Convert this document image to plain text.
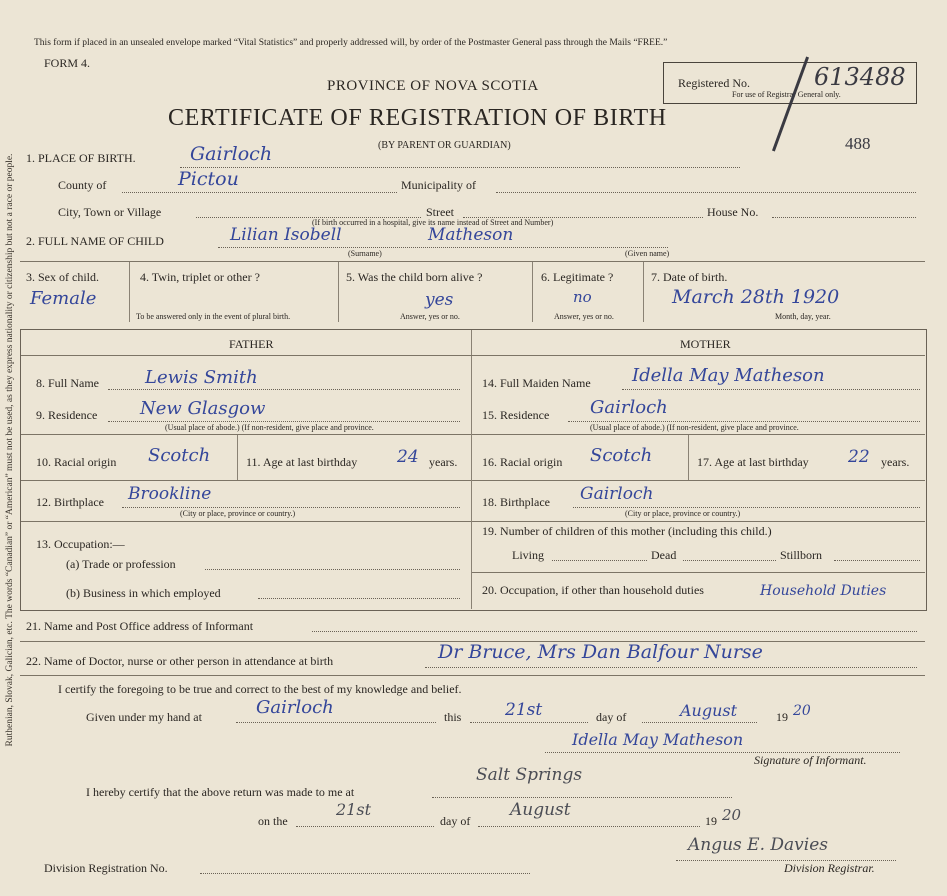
Ruthenian, Slovak, Galician, etc. The words “Canadian” or “American” must not be used, as they express nationality or citizenship but not a race or people.
This form if placed in an unsealed envelope marked “Vital Statistics” and properly addressed will, by order of the Postmaster General pass through the Mails “FREE.”
FORM 4.
PROVINCE OF NOVA SCOTIA
CERTIFICATE OF REGISTRATION OF BIRTH
(BY PARENT OR GUARDIAN)
Registered No.
For use of Registrar General only.
613488
488
1. PLACE OF BIRTH.	Gairloch
County of	Pictou	Municipality of
City, Town or Village	Street	House No.
(If birth occurred in a hospital, give its name instead of Street and Number)
2. FULL NAME OF CHILD	Lilian Isobell	Matheson
(Surname)	(Given name)
3. Sex of child.
Female
4. Twin, triplet or other ?
To be answered only in the event of plural birth.
5. Was the child born alive ?
yes
Answer, yes or no.
6. Legitimate ?
no
Answer, yes or no.
7. Date of birth.
March 28th 1920
Month, day, year.
FATHER	MOTHER
8. Full Name	Lewis Smith
9. Residence New Glasgow
(Usual place of abode.) (If non-resident, give place and province.
10. Racial origin Scotch	11. Age at last birthday 24 years.
12. Birthplace Brookline
(City or place, province or country.)
13. Occupation:—
(a) Trade or profession
(b) Business in which employed
14. Full Maiden Name Idella May Matheson
15. Residence Gairloch
(Usual place of abode.) (If non-resident, give place and province.
16. Racial origin Scotch	17. Age at last birthday 22 years.
18. Birthplace Gairloch
(City or place, province or country.)
19. Number of children of this mother (including this child.)
Living	Dead	Stillborn
20. Occupation, if other than household duties	Household Duties
21. Name and Post Office address of Informant
22. Name of Doctor, nurse or other person in attendance at birth	Dr Bruce, Mrs Dan Balfour Nurse
I certify the foregoing to be true and correct to the best of my knowledge and belief.
Given under my hand at	Gairloch	this	21st	day of	August	19 20
Idella May Matheson
Signature of Informant.
I hereby certify that the above return was made to me at
Salt Springs
on the
21st
day of
August
19 20
Division Registration No.
Angus E. Davies
Division Registrar.
